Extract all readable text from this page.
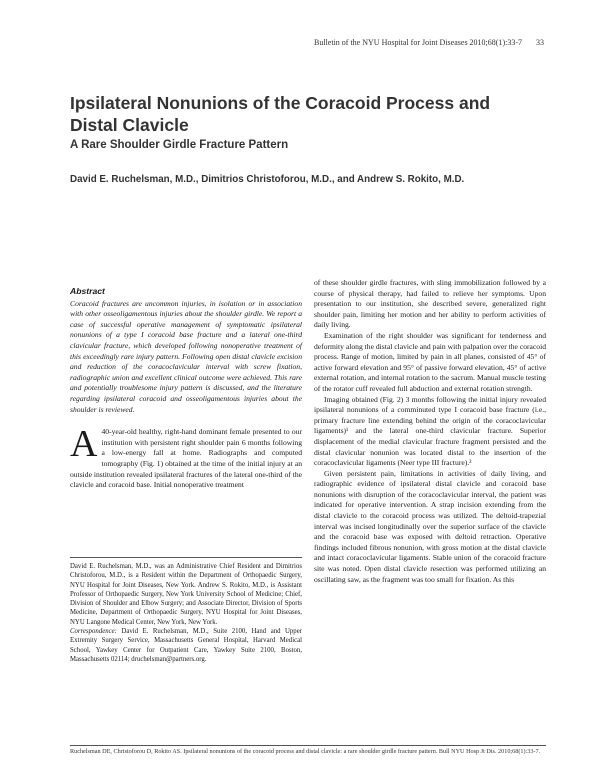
Bulletin of the NYU Hospital for Joint Diseases 2010;68(1):33-7 33
Ipsilateral Nonunions of the Coracoid Process and Distal Clavicle
A Rare Shoulder Girdle Fracture Pattern
David E. Ruchelsman, M.D., Dimitrios Christoforou, M.D., and Andrew S. Rokito, M.D.
Abstract

Coracoid fractures are uncommon injuries, in isolation or in association with other osseoligamentous injuries about the shoulder girdle. We report a case of successful operative management of symptomatic ipsilateral nonunions of a type I coracoid base fracture and a lateral one-third clavicular fracture, which developed following nonoperative treatment of this exceedingly rare injury pattern. Following open distal clavicle excision and reduction of the coracoclavicular interval with screw fixation, radiographic union and excellent clinical outcome were achieved. This rare and potentially troublesome injury pattern is discussed, and the literature regarding ipsilateral coracoid and osseoligamentous injuries about the shoulder is reviewed.

A 40-year-old healthy, right-hand dominant female presented to our institution with persistent right shoulder pain 6 months following a low-energy fall at home. Radiographs and computed tomography (Fig. 1) obtained at the time of the initial injury at an outside institution revealed ipsilateral fractures of the lateral one-third of the clavicle and coracoid base. Initial nonoperative treatment

David E. Ruchelsman, M.D., was an Administrative Chief Resident and Dimitrios Christoforou, M.D., is a Resident within the Department of Orthopaedic Surgery, NYU Hospital for Joint Diseases, New York. Andrew S. Rokito, M.D., is Assistant Professor of Orthopaedic Surgery, New York University School of Medicine; Chief, Division of Shoulder and Elbow Surgery; and Associate Director, Division of Sports Medicine, Department of Orthopaedic Surgery, NYU Hospital for Joint Diseases, NYU Langone Medical Center, New York, New York.

Correspondence: David E. Ruchelsman, M.D., Suite 2100, Hand and Upper Extremity Surgery Service, Massachusetts General Hospital, Harvard Medical School, Yawkey Center for Outpatient Care, Yawkey Suite 2100, Boston, Massachusetts 02114; druchelsman@partners.org.

of these shoulder girdle fractures, with sling immobilization followed by a course of physical therapy, had failed to relieve her symptoms. Upon presentation to our institution, she described severe, generalized right shoulder pain, limiting her motion and her ability to perform activities of daily living.

Examination of the right shoulder was significant for tenderness and deformity along the distal clavicle and pain with palpation over the coracoid process. Range of motion, limited by pain in all planes, consisted of 45° of active forward elevation and 95° of passive forward elevation, 45° of active external rotation, and internal rotation to the sacrum. Manual muscle testing of the rotator cuff revealed full abduction and external rotation strength.

Imaging obtained (Fig. 2) 3 months following the initial injury revealed ipsilateral nonunions of a comminuted type I coracoid base fracture (i.e., primary fracture line extending behind the origin of the coracoclavicular ligaments)¹ and the lateral one-third clavicular fracture. Superior displacement of the medial clavicular fracture fragment persisted and the distal clavicular nonunion was located distal to the insertion of the coracoclavicular ligaments (Neer type III fracture).²

Given persistent pain, limitations in activities of daily living, and radiographic evidence of ipsilateral distal clavicle and coracoid base nonunions with disruption of the coracoclavicular interval, the patient was indicated for operative intervention. A strap incision extending from the distal clavicle to the coracoid process was utilized. The deltoid-trapezial interval was incised longitudinally over the superior surface of the clavicle and the coracoid base was exposed with deltoid retraction. Operative findings included fibrous nonunion, with gross motion at the distal clavicle and intact coracoclavicular ligaments. Stable union of the coracoid fracture site was noted. Open distal clavicle resection was performed utilizing an oscillating saw, as the fragment was too small for fixation. As this

Ruchelsman DE, Christoforou D, Rokito AS. Ipsilateral nonunions of the coracoid process and distal clavicle: a rare shoulder girdle fracture pattern. Bull NYU Hosp Jt Dis. 2010;68(1):33-7.
